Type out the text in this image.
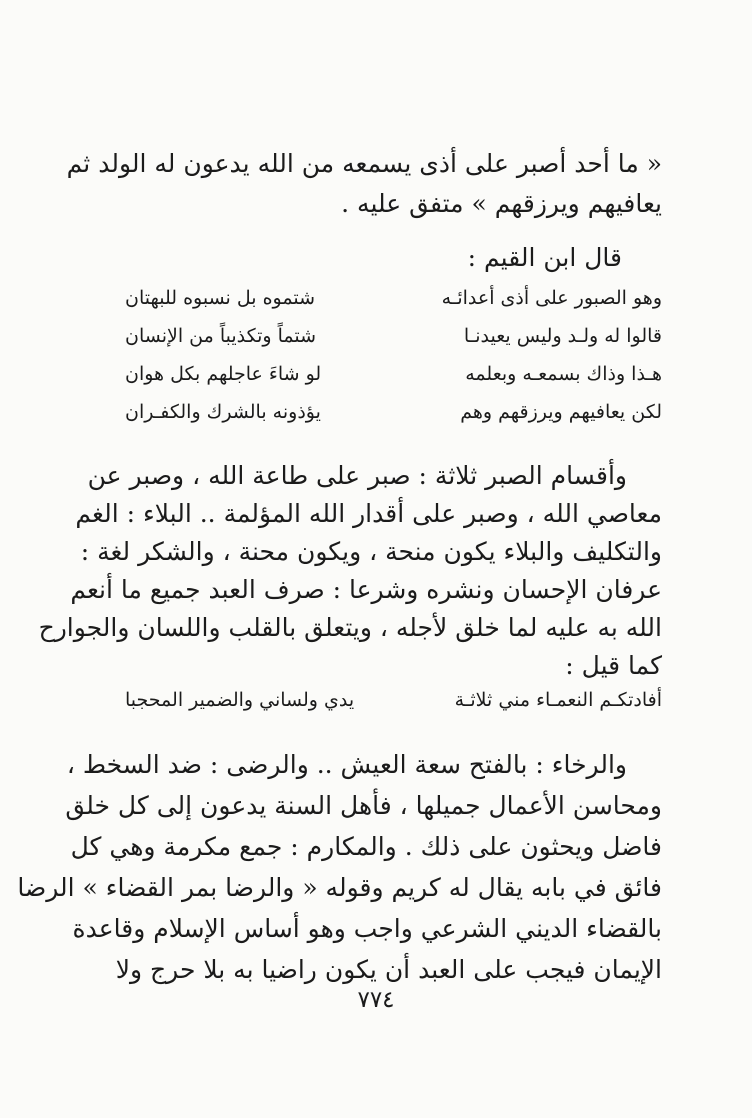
« ما أحد أصبر على أذى يسمعه من الله يدعون له الولد ثم
يعافيهم ويرزقهم » متفق عليه .
قال ابن القيم :
وهو الصبور على أذى أعدائـه
شتموه بل نسبوه للبهتان
قالوا له ولـد وليس يعيدنـا
شتماً وتكذيباً من الإنسان
هـذا وذاك بسمعـه وبعلمه
لو شاءَ عاجلهم بكل هوان
لكن يعافيهم ويرزقهم وهم
يؤذونه بالشرك والكفـران
وأقسام الصبر ثلاثة : صبر على طاعة الله ، وصبر عن
معاصي الله ، وصبر على أقدار الله المؤلمة .. البلاء : الغم
والتكليف والبلاء يكون منحة ، ويكون محنة ، والشكر لغة :
عرفان الإحسان ونشره وشرعا : صرف العبد جميع ما أنعم
الله به عليه لما خلق لأجله ، ويتعلق بالقلب واللسان والجوارح
كما قيل :
أفادتكـم النعمـاء مني ثلاثـة
يدي ولساني والضمير المحجبا
والرخاء : بالفتح سعة العيش .. والرضى : ضد السخط ،
ومحاسن الأعمال جميلها ، فأهل السنة يدعون إلى كل خلق
فاضل ويحثون على ذلك . والمكارم : جمع مكرمة وهي كل
فائق في بابه يقال له كريم وقوله « والرضا بمر القضاء » الرضا
بالقضاء الديني الشرعي واجب وهو أساس الإسلام وقاعدة
الإيمان فيجب على العبد أن يكون راضيا به بلا حرج ولا
٧٧٤
